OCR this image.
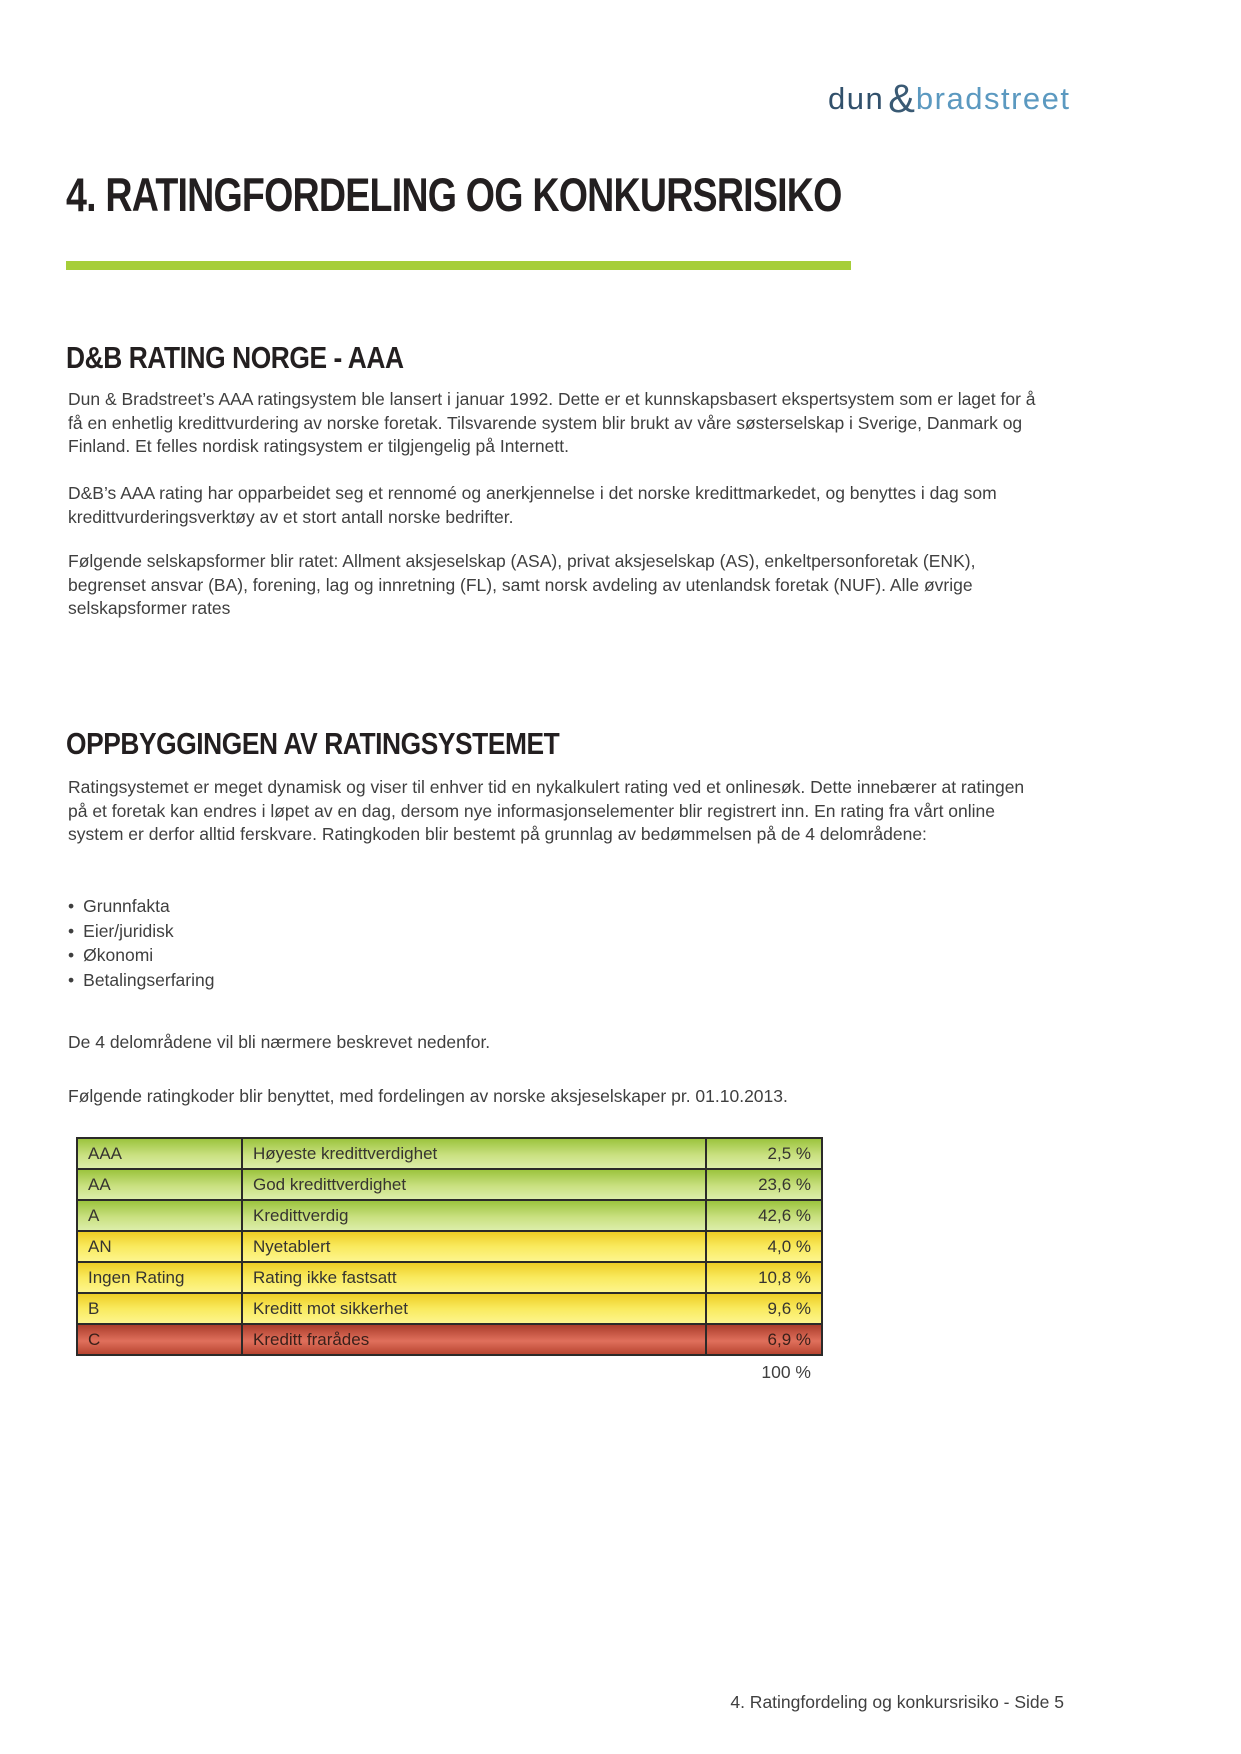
dun & bradstreet
4. RATINGFORDELING OG KONKURSRISIKO
D&B RATING NORGE - AAA
Dun & Bradstreet’s AAA ratingsystem ble lansert i januar 1992. Dette er et kunnskapsbasert ekspertsystem som er laget for å få en enhetlig kredittvurdering av norske foretak. Tilsvarende system blir brukt av våre søsterselskap i Sverige, Danmark og Finland. Et felles nordisk ratingsystem er tilgjengelig på Internett.
D&B’s AAA rating har opparbeidet seg et rennomé og anerkjennelse i det norske kredittmarkedet, og benyttes i dag som kredittvurderingsverktøy av et stort antall norske bedrifter.
Følgende selskapsformer blir ratet: Allment aksjeselskap (ASA), privat aksjeselskap (AS), enkeltpersonforetak (ENK), begrenset ansvar (BA), forening, lag og innretning (FL), samt norsk avdeling av utenlandsk foretak (NUF). Alle øvrige selskapsformer rates
OPPBYGGINGEN AV RATINGSYSTEMET
Ratingsystemet er meget dynamisk og viser til enhver tid en nykalkulert rating ved et onlinesøk. Dette innebærer at ratingen på et foretak kan endres i løpet av en dag, dersom nye informasjonselementer blir registrert inn. En rating fra vårt online system er derfor alltid ferskvare. Ratingkoden blir bestemt på grunnlag av bedømmelsen på de 4 delområdene:
• Grunnfakta
• Eier/juridisk
• Økonomi
• Betalingserfaring
De 4 delområdene vil bli nærmere beskrevet nedenfor.
Følgende ratingkoder blir benyttet, med fordelingen av norske aksjeselskaper pr. 01.10.2013.
AAA	Høyeste kredittverdighet	2,5 %
AA	God kredittverdighet	23,6 %
A	Kredittverdig	42,6 %
AN	Nyetablert	4,0 %
Ingen Rating	Rating ikke fastsatt	10,8 %
B	Kreditt mot sikkerhet	9,6 %
C	Kreditt frarådes	6,9 %
100 %
4. Ratingfordeling og konkursrisiko - Side 5
